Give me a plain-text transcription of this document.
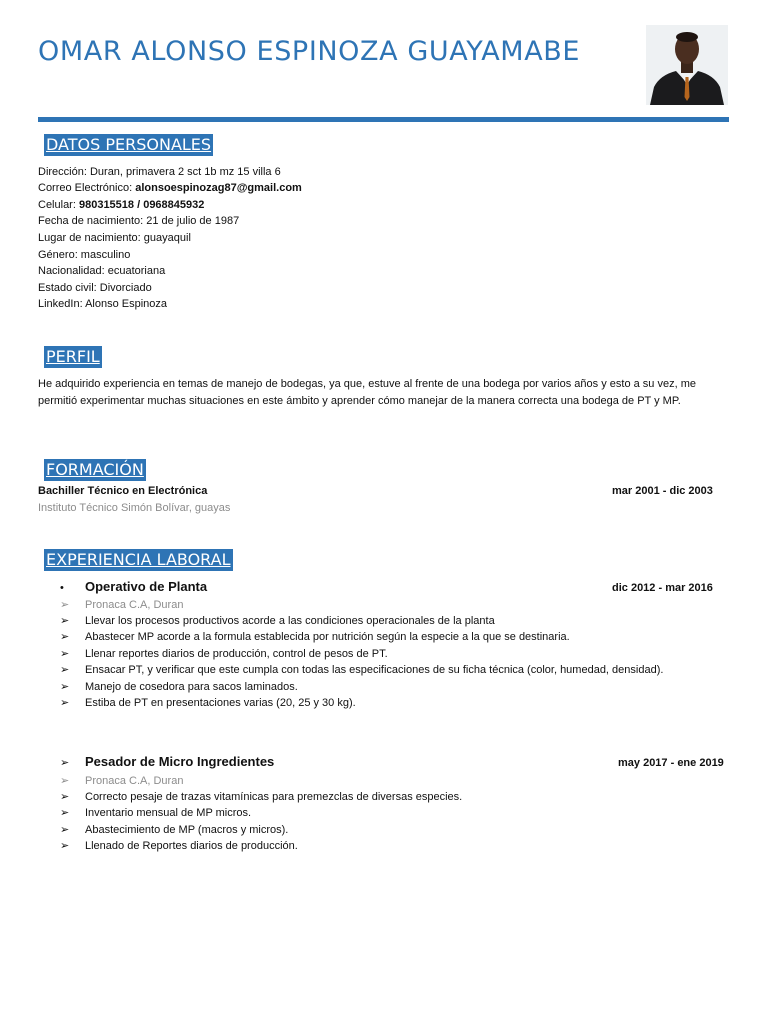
OMAR ALONSO ESPINOZA GUAYAMABE
DATOS PERSONALES
Dirección: Duran, primavera 2 sct 1b mz 15 villa 6
Correo Electrónico: alonsoespinozag87@gmail.com
Celular: 980315518 / 0968845932
Fecha de nacimiento: 21 de julio de 1987
Lugar de nacimiento: guayaquil
Género: masculino
Nacionalidad: ecuatoriana
Estado civil: Divorciado
LinkedIn: Alonso Espinoza
PERFIL
He adquirido experiencia en temas de manejo de bodegas, ya que, estuve al frente de una bodega por varios años y esto a su vez, me permitió experimentar muchas situaciones en este ámbito y aprender cómo manejar de la manera correcta una bodega de PT y MP.
FORMACIÓN
Bachiller Técnico en Electrónica	mar 2001 - dic 2003
Instituto Técnico Simón Bolívar, guayas
EXPERIENCIA LABORAL
• Operativo de Planta	dic 2012 - mar 2016
➢ Pronaca C.A, Duran
➢ Llevar los procesos productivos acorde a las condiciones operacionales de la planta
➢ Abastecer MP acorde a la formula establecida por nutrición según la especie a la que se destinaria.
➢ Llenar reportes diarios de producción, control de pesos de PT.
➢ Ensacar PT, y verificar que este cumpla con todas las especificaciones de su ficha técnica (color, humedad, densidad).
➢ Manejo de cosedora para sacos laminados.
➢ Estiba de PT en presentaciones varias (20, 25 y 30 kg).
➢ Pesador de Micro Ingredientes	may 2017 - ene 2019
➢ Pronaca C.A, Duran
➢ Correcto pesaje de trazas vitamínicas para premezclas de diversas especies.
➢ Inventario mensual de MP micros.
➢ Abastecimiento de MP (macros y micros).
➢ Llenado de Reportes diarios de producción.
